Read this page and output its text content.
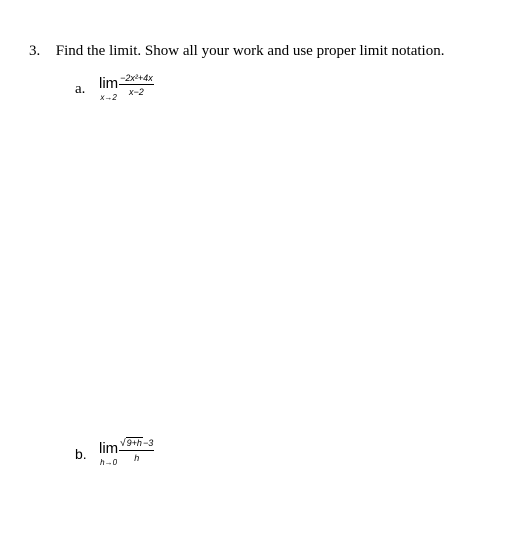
3. Find the limit. Show all your work and use proper limit notation.
a. lim
x→2
$\frac{\text{−2x²+4x}}{x-2}$
b. lim
$h\to 0 \frac{√9+h-3}{h}$
